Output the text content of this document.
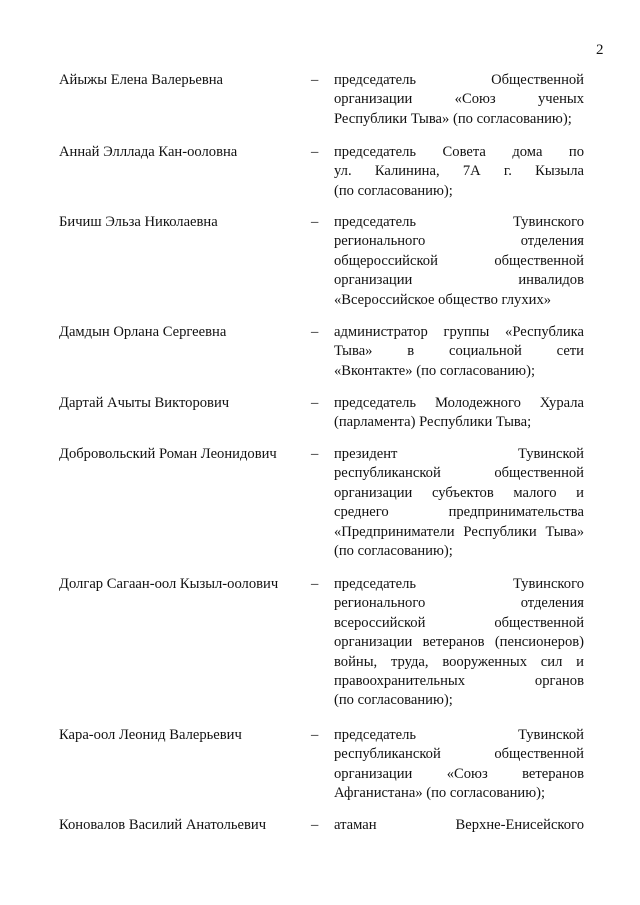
2
Айыжы Елена Валерьевна	– председатель Общественной
организации «Союз ученых
Республики Тыва» (по согласованию);
Аннай Элллада Кан-ооловна	– председатель Совета дома по
ул. Калинина, 7А г. Кызыла
(по согласованию);
Бичиш Эльза Николаевна	– председатель Тувинского
регионального отделения
общероссийской общественной
организации инвалидов
«Всероссийское общество глухих»
Дамдын Орлана Сергеевна	– администратор группы «Республика
Тыва» в социальной сети
«Вконтакте» (по согласованию);
Дартай Ачыты Викторович	– председатель Молодежного Хурала
(парламента) Республики Тыва;
Добровольский Роман Леонидович – президент Тувинской
республиканской общественной
организации субъектов малого и
среднего предпринимательства
«Предприниматели Республики Тыва»
(по согласованию);
Долгар Сагаан-оол Кызыл-оолович – председатель Тувинского
регионального отделения
всероссийской общественной
организации ветеранов (пенсионеров)
войны, труда, вооруженных сил и
правоохранительных органов
(по согласованию);
Кара-оол Леонид Валерьевич	– председатель Тувинской
республиканской общественной
организации «Союз ветеранов
Афганистана» (по согласованию);
Коновалов Василий Анатольевич	– атаман Верхне-Енисейского
